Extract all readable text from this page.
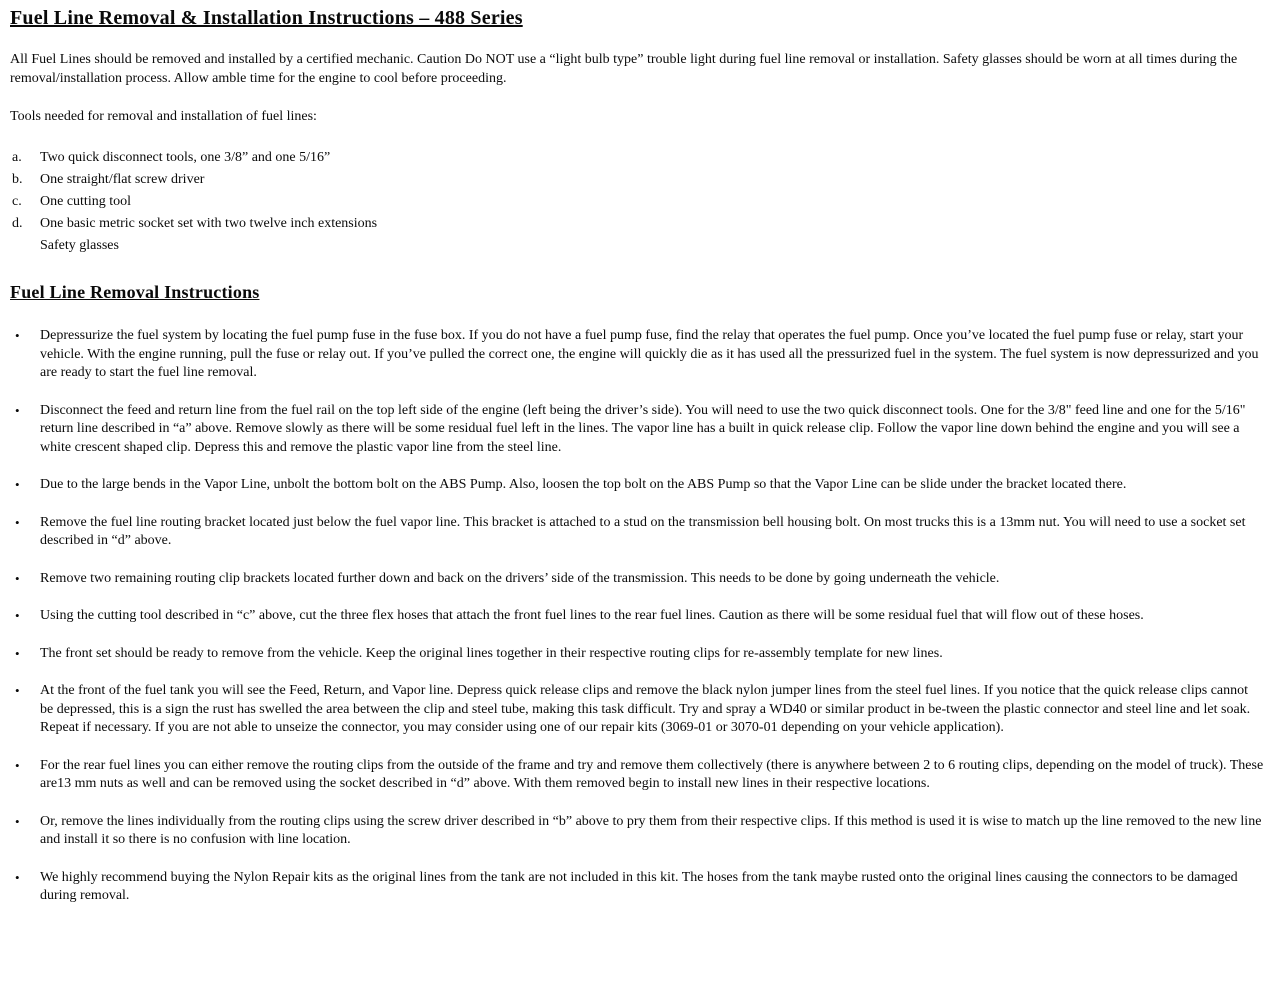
Fuel Line Removal & Installation Instructions – 488 Series

All Fuel Lines should be removed and installed by a certified mechanic. Caution Do NOT use a “light bulb type” trouble light during fuel line removal or installation. Safety glasses should be worn at all times during the removal/installation process. Allow amble time for the engine to cool before proceeding.

Tools needed for removal and installation of fuel lines:

a.	Two quick disconnect tools, one 3/8” and one 5/16”
b.	One straight/flat screw driver
c.	One cutting tool
d.	One basic metric socket set with two twelve inch extensions
Safety glasses
Fuel Line Removal Instructions
•	Depressurize the fuel system by locating the fuel pump fuse in the fuse box. If you do not have a fuel pump fuse, find the relay that operates the fuel pump. Once you’ve located the fuel pump fuse or relay, start your vehicle. With the engine running, pull the fuse or relay out. If you’ve pulled the correct one, the engine will quickly die as it has used all the pressurized fuel in the system. The fuel system is now depressurized and you are ready to start the fuel line removal.
•	Disconnect the feed and return line from the fuel rail on the top left side of the engine (left being the driver’s side). You will need to use the two quick disconnect tools. One for the 3/8" feed line and one for the 5/16" return line described in “a” above. Remove slowly as there will be some residual fuel left in the lines. The vapor line has a built in quick release clip. Follow the vapor line down behind the engine and you will see a white crescent shaped clip. Depress this and remove the plastic vapor line from the steel line.
•	Due to the large bends in the Vapor Line, unbolt the bottom bolt on the ABS Pump. Also, loosen the top bolt on the ABS Pump so that the Vapor Line can be slide under the bracket located there.
•	Remove the fuel line routing bracket located just below the fuel vapor line. This bracket is attached to a stud on the transmission bell housing bolt. On most trucks this is a 13mm nut. You will need to use a socket set described in “d” above.
•	Remove two remaining routing clip brackets located further down and back on the drivers’ side of the transmission. This needs to be done by going underneath the vehicle.
•	Using the cutting tool described in “c” above, cut the three flex hoses that attach the front fuel lines to the rear fuel lines. Caution as there will be some residual fuel that will flow out of these hoses.
•	The front set should be ready to remove from the vehicle. Keep the original lines together in their respective routing clips for re-assembly template for new lines.
•	At the front of the fuel tank you will see the Feed, Return, and Vapor line. Depress quick release clips and remove the black nylon jumper lines from the steel fuel lines. If you notice that the quick release clips cannot be depressed, this is a sign the rust has swelled the area between the clip and steel tube, making this task difficult. Try and spray a WD40 or similar product in be-tween the plastic connector and steel line and let soak. Repeat if necessary. If you are not able to unseize the connector, you may consider using one of our repair kits (3069-01 or 3070-01 depending on your vehicle application).
•	For the rear fuel lines you can either remove the routing clips from the outside of the frame and try and remove them collectively (there is anywhere between 2 to 6 routing clips, depending on the model of truck). These are13 mm nuts as well and can be removed using the socket described in “d” above. With them removed begin to install new lines in their respective locations.
•	Or, remove the lines individually from the routing clips using the screw driver described in “b” above to pry them from their respective clips. If this method is used it is wise to match up the line removed to the new line and install it so there is no confusion with line location.
•	We highly recommend buying the Nylon Repair kits as the original lines from the tank are not included in this kit. The hoses from the tank maybe rusted onto the original lines causing the connectors to be damaged during removal.
